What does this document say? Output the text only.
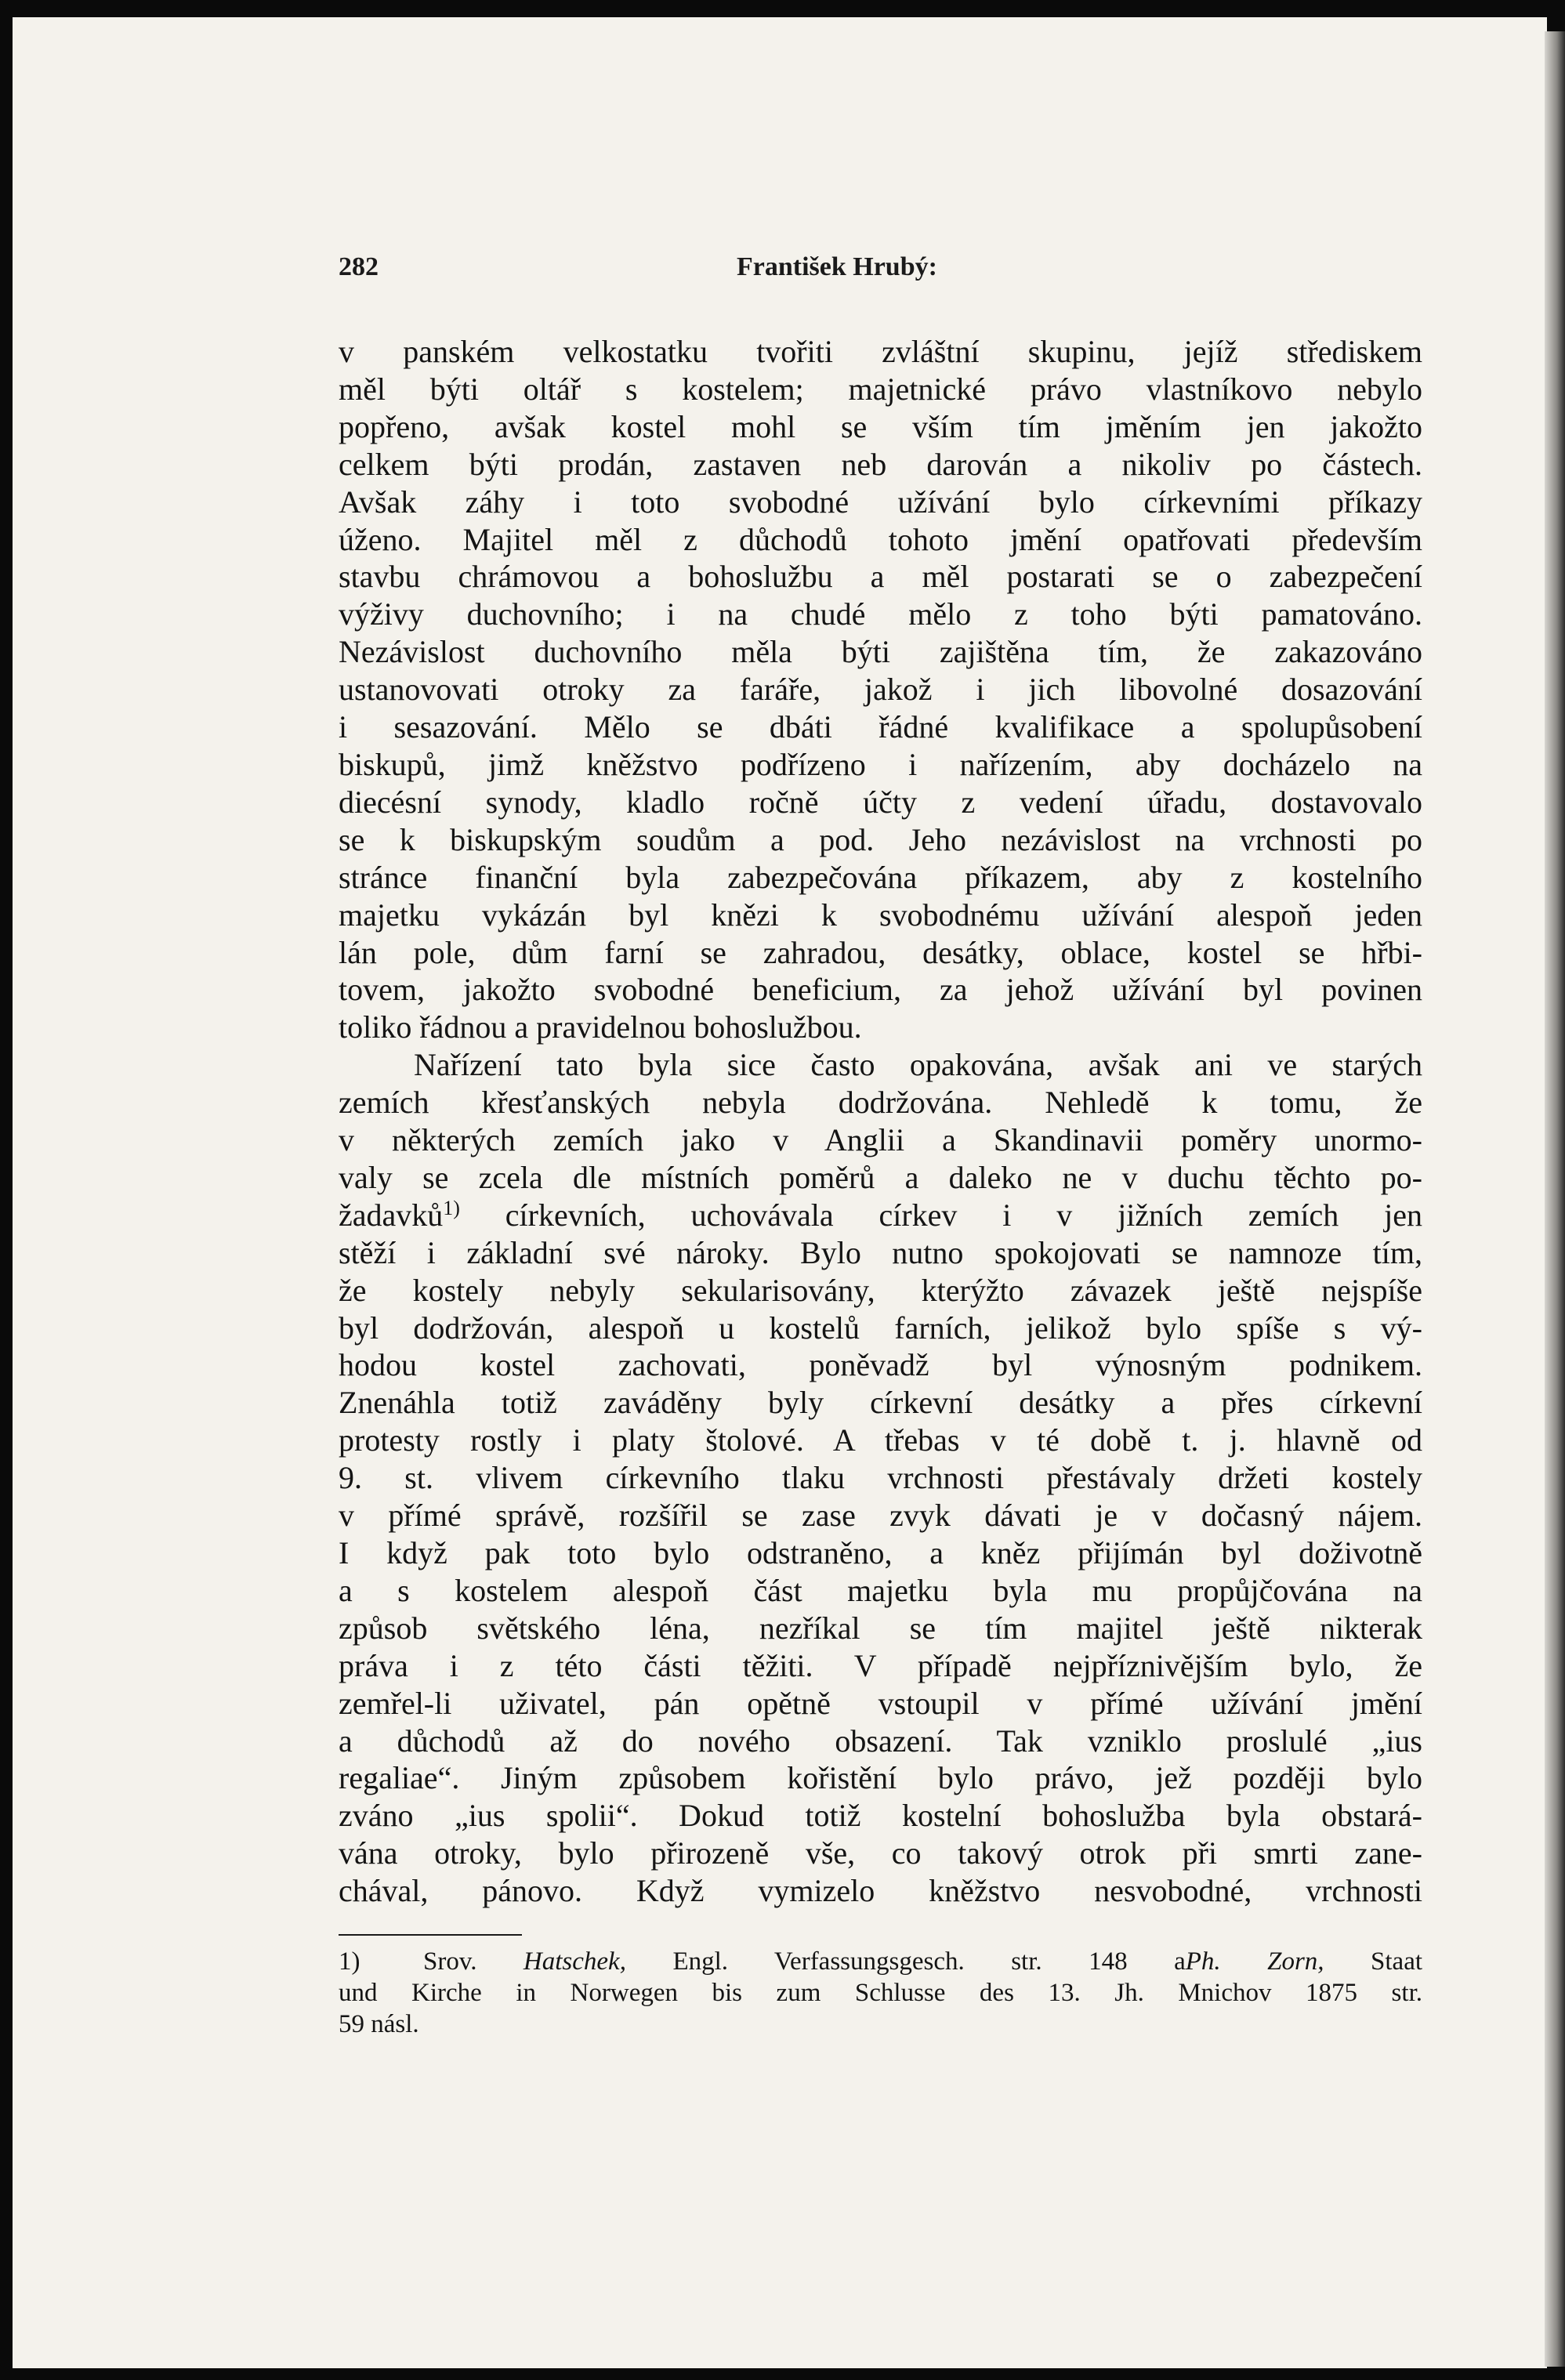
282	František Hrubý:

v panském velkostatku tvořiti zvláštní skupinu, jejíž střediskem

měl býti oltář s kostelem; majetnické právo vlastníkovo nebylo

popřeno, avšak kostel mohl se vším tím jměním jen jakožto

celkem býti prodán, zastaven neb darován a nikoliv po částech.

Avšak záhy i toto svobodné užívání bylo církevními příkazy

úženo. Majitel měl z důchodů tohoto jmění opatřovati především

stavbu chrámovou a bohoslužbu a měl postarati se o zabezpečení

výživy duchovního; i na chudé mělo z toho býti pamatováno.

Nezávislost duchovního měla býti zajištěna tím, že zakazováno

ustanovovati otroky za faráře, jakož i jich libovolné dosazování

i sesazování. Mělo se dbáti řádné kvalifikace a spolupůsobení

biskupů, jimž kněžstvo podřízeno i nařízením, aby docházelo na

diecésní synody, kladlo ročně účty z vedení úřadu, dostavovalo

se k biskupským soudům a pod. Jeho nezávislost na vrchnosti po

stránce finanční byla zabezpečována příkazem, aby z kostelního

majetku vykázán byl knězi k svobodnému užívání alespoň jeden

lán pole, dům farní se zahradou, desátky, oblace, kostel se hřbi-

tovem, jakožto svobodné beneficium, za jehož užívání byl povinen

toliko řádnou a pravidelnou bohoslužbou.

Nařízení tato byla sice často opakována, avšak ani ve starých

zemích křesťanských nebyla dodržována. Nehledě k tomu, že

v některých zemích jako v Anglii a Skandinavii poměry unormo-

valy se zcela dle místních poměrů a daleko ne v duchu těchto po-

žadavků$^{1)}$ církevních, uchovávala církev i v jižních zemích jen

stěží i základní své nároky. Bylo nutno spokojovati se namnoze tím,

že kostely nebyly sekularisovány, kterýžto závazek ještě nejspíše

byl dodržován, alespoň u kostelů farních, jelikož bylo spíše s vý-

hodou kostel zachovati, poněvadž byl výnosným podnikem.

Znenáhla totiž zaváděny byly církevní desátky a přes církevní

protesty rostly i platy štolové. A třebas v té době t. j. hlavně od

9. st. vlivem církevního tlaku vrchnosti přestávaly držeti kostely

v přímé správě, rozšířil se zase zvyk dávati je v dočasný nájem.

I když pak toto bylo odstraněno, a kněz přijímán byl doživotně

a s kostelem alespoň část majetku byla mu propůjčována na

způsob světského léna, nezříkal se tím majitel ještě nikterak

práva i z této části těžiti. V případě nejpříznivějším bylo, že

zemřel-li uživatel, pán opětně vstoupil v přímé užívání jmění

a důchodů až do nového obsazení. Tak vzniklo proslulé „ius

regaliae“. Jiným způsobem kořistění bylo právo, jež později bylo

zváno „ius spolii“. Dokud totiž kostelní bohoslužba byla obstará-

vána otroky, bylo přirozeně vše, co takový otrok při smrti zane-

chával, pánovo. Když vymizelo kněžstvo nesvobodné, vrchnosti

1) Srov. Hatschek, Engl. Verfassungsgesch. str. 148 aPh. Zorn, Staat

und Kirche in Norwegen bis zum Schlusse des 13. Jh. Mnichov 1875 str.

59 násl.
